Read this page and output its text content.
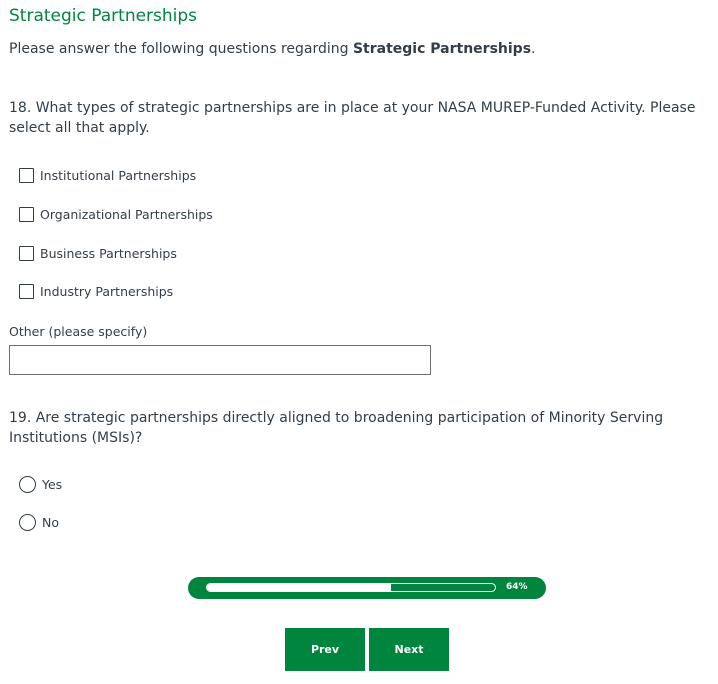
Strategic Partnerships
Please answer the following questions regarding Strategic Partnerships.
18. What types of strategic partnerships are in place at your NASA MUREP-Funded Activity. Please select all that apply.
Institutional Partnerships
Organizational Partnerships
Business Partnerships
Industry Partnerships
Other (please specify)
19. Are strategic partnerships directly aligned to broadening participation of Minority Serving Institutions (MSIs)?
Yes
No
64%
Prev	Next
